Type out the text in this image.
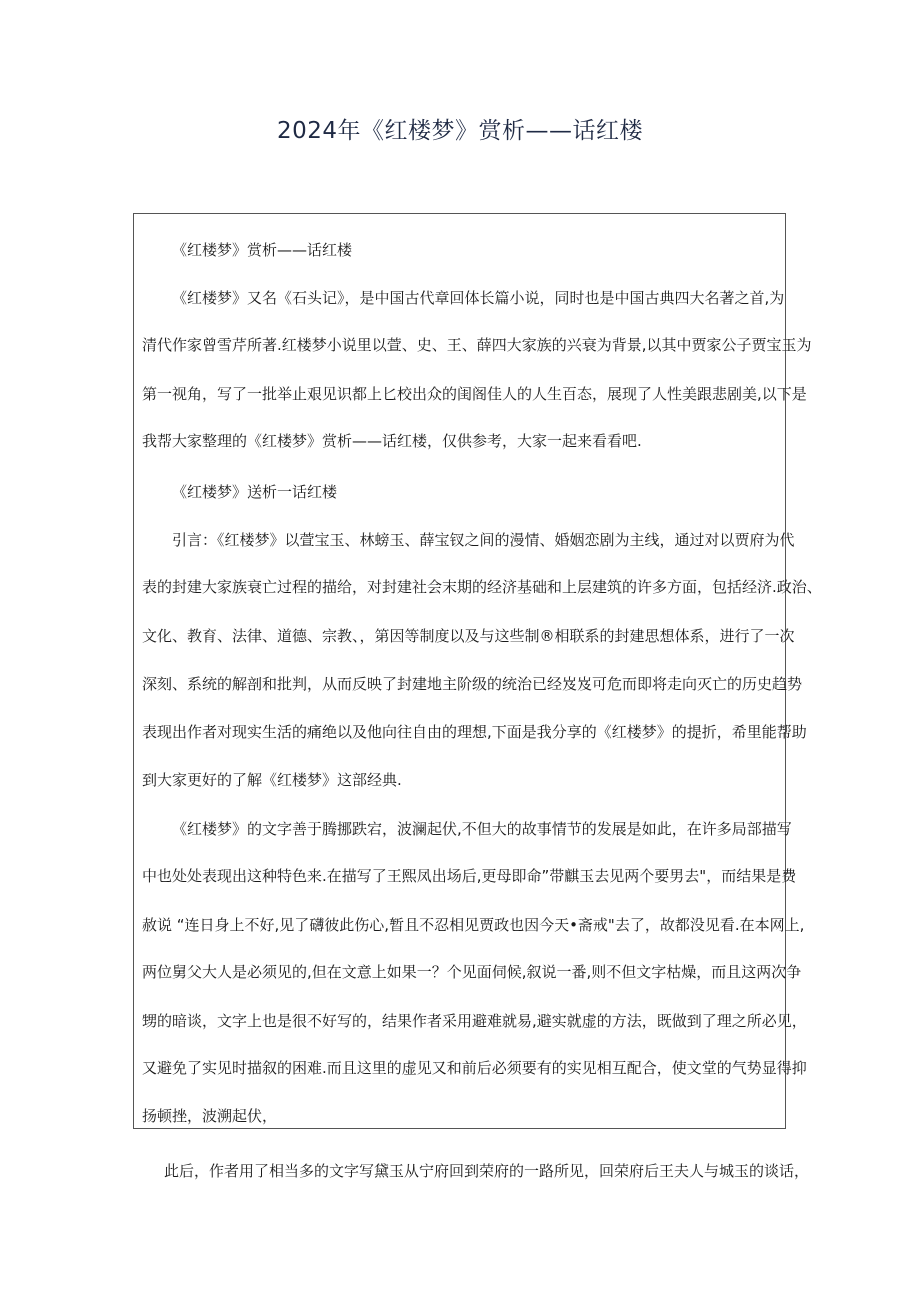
2024年《红楼梦》赏析——话红楼
《红楼梦》赏析——话红楼
《红楼梦》又名《石头记》，是中国古代章回体长篇小说，同时也是中国古典四大名著之首,为
清代作家曾雪芹所著.红楼梦小说里以萱、史、王、薛四大家族的兴衰为背景,以其中贾家公子贾宝玉为
第一视角，写了一批举止艰见识都上匕校出众的闺阁佳人的人生百态，展现了人性美跟悲剧美,以下是
我帮大家整理的《红楼梦》赏析——话红楼，仅供参考，大家一起来看看吧.
《红楼梦》送析一话红楼
引言：《红楼梦》以萱宝玉、林螃玉、薛宝钗之间的漫情、婚姻恋剧为主线，通过对以贾府为代
表的封建大家族衰亡过程的描给，对封建社会末期的经济基础和上层建筑的许多方面，包括经济.政治、
文化、教育、法律、道德、宗教、，第因等制度以及与这些制®相联系的封建思想体系，进行了一次
深刻、系统的解剖和批判，从而反映了封建地主阶级的统治已经岌岌可危而即将走向灭亡的历史趋势
表现出作者对现实生活的痛绝以及他向往自由的理想,下面是我分享的《红楼梦》的提折，希里能帮助
到大家更好的了解《红楼梦》这部经典.
《红楼梦》的文字善于腾挪跌宕，波澜起伏,不但大的故事情节的发展是如此，在许多局部描写
中也处处表现出这种特色来.在描写了王熙凤出场后,更母即命”带麒玉去见两个要男去"，而结果是费
赦说 “连日身上不好,见了礴彼此伤心,暂且不忍相见贾政也因今天•斋戒"去了，故都没见看.在本网上,
两位舅父大人是必须见的,但在文意上如果一？个见面伺候,叙说一番,则不但文字枯燥，而且这两次争
甥的暗谈，文字上也是很不好写的，结果作者采用避难就易,避实就虚的方法，既做到了理之所必见，
又避免了实见时描叙的困难.而且这里的虚见又和前后必须要有的实见相互配合，使文堂的气势显得抑
扬顿挫，波溯起伏，
此后，作者用了相当多的文字写黛玉从宁府回到荣府的一路所见，回荣府后王夫人与城玉的谈话，
